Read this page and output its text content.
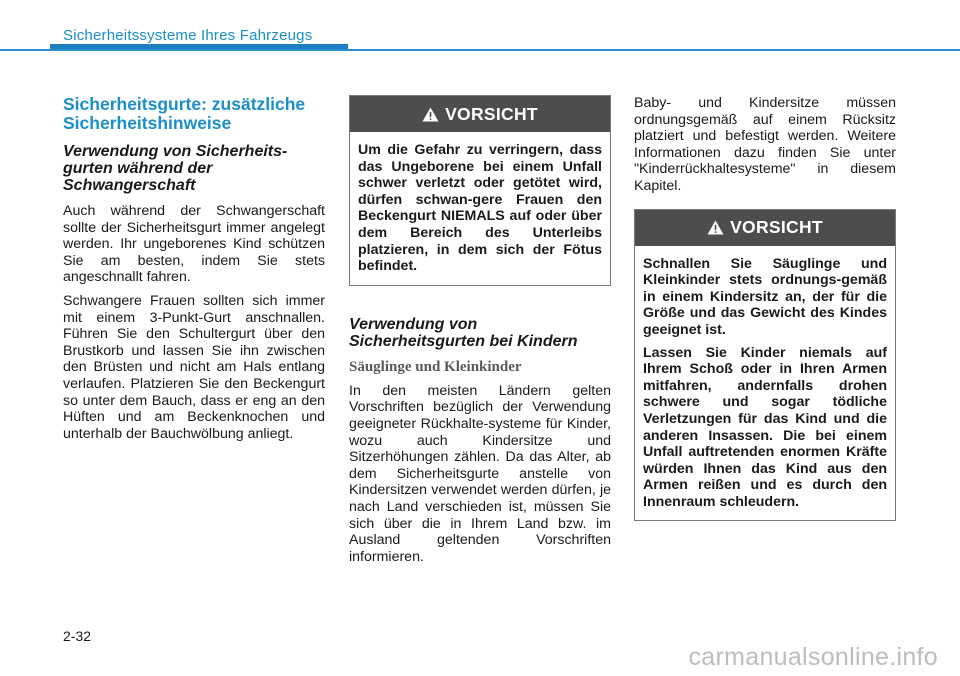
Sicherheitssysteme Ihres Fahrzeugs
Sicherheitsgurte: zusätzliche Sicherheitshinweise
Verwendung von Sicherheits-gurten während der Schwangerschaft

Auch während der Schwangerschaft sollte der Sicherheitsgurt immer angelegt werden. Ihr ungeborenes Kind schützen Sie am besten, indem Sie stets angeschnallt fahren.

Schwangere Frauen sollten sich immer mit einem 3-Punkt-Gurt anschnallen. Führen Sie den Schultergurt über den Brustkorb und lassen Sie ihn zwischen den Brüsten und nicht am Hals entlang verlaufen. Platzieren Sie den Beckengurt so unter dem Bauch, dass er eng an den Hüften und am Beckenknochen und unterhalb der Bauchwölbung anliegt.

VORSICHT

Um die Gefahr zu verringern, dass das Ungeborene bei einem Unfall schwer verletzt oder getötet wird, dürfen schwan-gere Frauen den Beckengurt NIEMALS auf oder über dem Bereich des Unterleibs platzieren, in dem sich der Fötus befindet.

Verwendung von Sicherheitsgurten bei Kindern
Säuglinge und Kleinkinder

In den meisten Ländern gelten Vorschriften bezüglich der Verwendung geeigneter Rückhalte-systeme für Kinder, wozu auch Kindersitze und Sitzerhöhungen zählen. Da das Alter, ab dem Sicherheitsgurte anstelle von Kindersitzen verwendet werden dürfen, je nach Land verschieden ist, müssen Sie sich über die in Ihrem Land bzw. im Ausland geltenden Vorschriften informieren.

Baby- und Kindersitze müssen ordnungsgemäß auf einem Rücksitz platziert und befestigt werden. Weitere Informationen dazu finden Sie unter "Kinderrückhaltesysteme" in diesem Kapitel.

VORSICHT

Schnallen Sie Säuglinge und Kleinkinder stets ordnungs-gemäß in einem Kindersitz an, der für die Größe und das Gewicht des Kindes geeignet ist.

Lassen Sie Kinder niemals auf Ihrem Schoß oder in Ihren Armen mitfahren, andernfalls drohen schwere und sogar tödliche Verletzungen für das Kind und die anderen Insassen. Die bei einem Unfall auftretenden enormen Kräfte würden Ihnen das Kind aus den Armen reißen und es durch den Innenraum schleudern.

2-32
carmanualsonline.info
